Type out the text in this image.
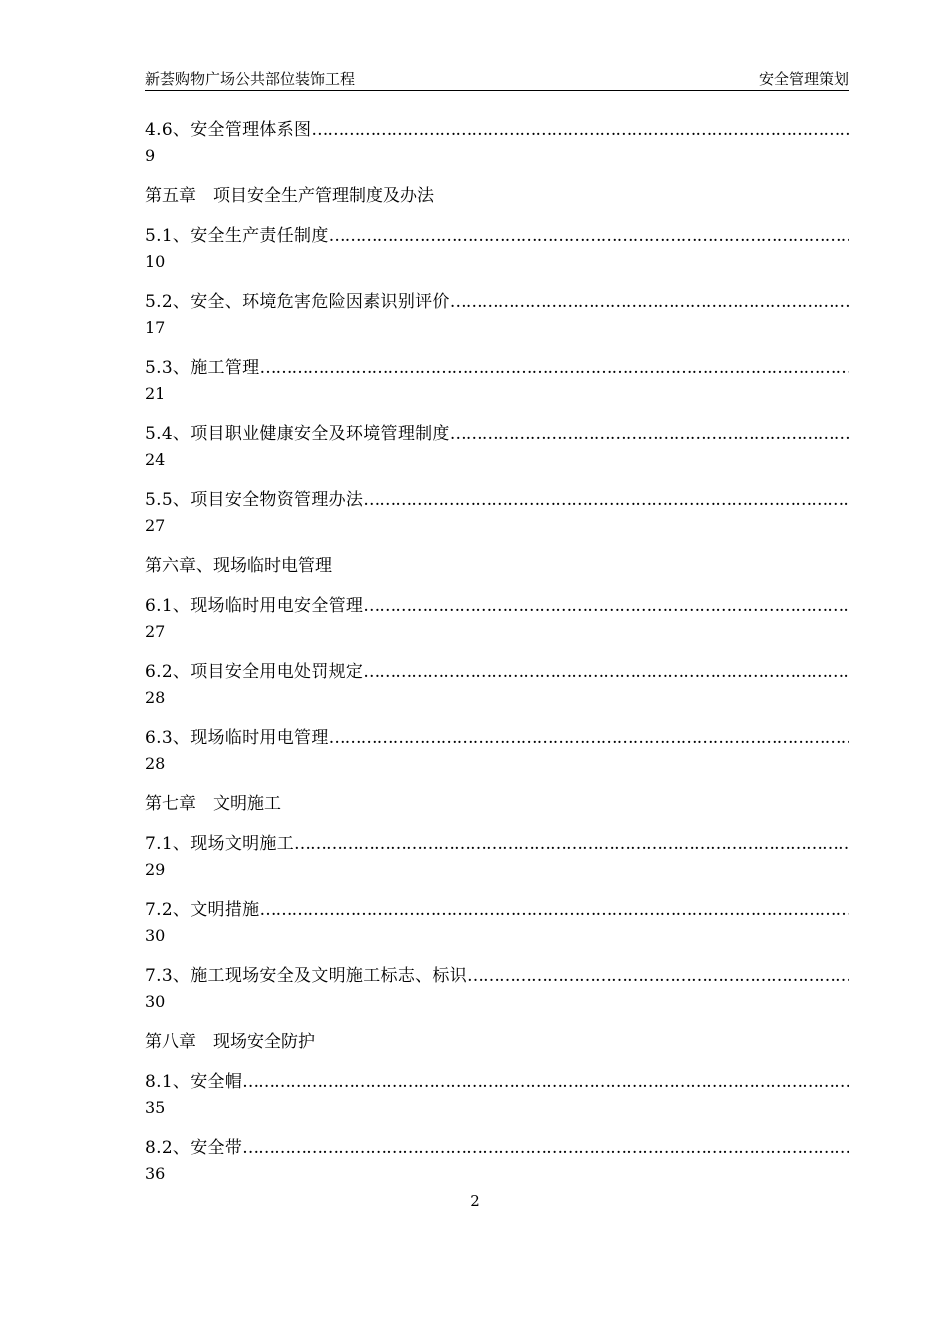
新荟购物广场公共部位装饰工程	安全管理策划
4.6、安全管理体系图
……………………………………………………………………………………………………………………………………………………………………
9
第五章　项目安全生产管理制度及办法
5.1、安全生产责任制度
……………………………………………………………………………………………………………………………………………………………………
10
5.2、安全、环境危害危险因素识别评价
……………………………………………………………………………………………………………………………………………………………………
17
5.3、施工管理
……………………………………………………………………………………………………………………………………………………………………
21
5.4、项目职业健康安全及环境管理制度
……………………………………………………………………………………………………………………………………………………………………
24
5.5、项目安全物资管理办法
……………………………………………………………………………………………………………………………………………………………………
27
第六章、现场临时电管理
6.1、现场临时用电安全管理
……………………………………………………………………………………………………………………………………………………………………
27
6.2、项目安全用电处罚规定
……………………………………………………………………………………………………………………………………………………………………
28
6.3、现场临时用电管理
……………………………………………………………………………………………………………………………………………………………………
28
第七章　文明施工
7.1、现场文明施工
……………………………………………………………………………………………………………………………………………………………………
29
7.2、文明措施
……………………………………………………………………………………………………………………………………………………………………
30
7.3、施工现场安全及文明施工标志、标识
……………………………………………………………………………………………………………………………………………………………………
30
第八章　现场安全防护
8.1、安全帽
……………………………………………………………………………………………………………………………………………………………………
35
8.2、安全带
……………………………………………………………………………………………………………………………………………………………………
36
2
